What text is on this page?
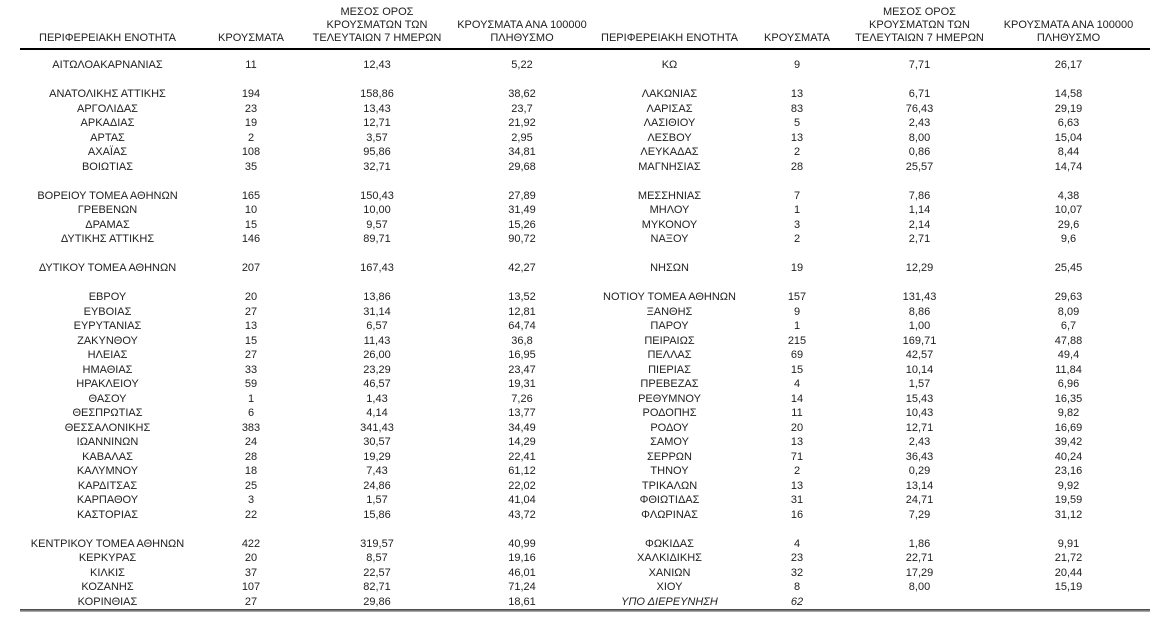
ΠΕΡΙΦΕΡΕΙΑΚΗ ΕΝΟΤΗΤΑ	ΚΡΟΥΣΜΑΤΑ	ΜΕΣΟΣ ΟΡΟΣ
ΚΡΟΥΣΜΑΤΩΝ ΤΩΝ
ΤΕΛΕΥΤΑΙΩΝ 7 ΗΜΕΡΩΝ	ΚΡΟΥΣΜΑΤΑ ΑΝΑ 100000
ΠΛΗΘΥΣΜΟ	ΠΕΡΙΦΕΡΕΙΑΚΗ ΕΝΟΤΗΤΑ	ΚΡΟΥΣΜΑΤΑ	ΜΕΣΟΣ ΟΡΟΣ
ΚΡΟΥΣΜΑΤΩΝ ΤΩΝ
ΤΕΛΕΥΤΑΙΩΝ 7 ΗΜΕΡΩΝ	ΚΡΟΥΣΜΑΤΑ ΑΝΑ 100000
ΠΛΗΘΥΣΜΟ

ΑΙΤΩΛΟΑΚΑΡΝΑΝΙΑΣ	11	12,43	5,22	ΚΩ	9	7,71	26,17

ΑΝΑΤΟΛΙΚΗΣ ΑΤΤΙΚΗΣ	194	158,86	38,62	ΛΑΚΩΝΙΑΣ	13	6,71	14,58
ΑΡΓΟΛΙΔΑΣ	23	13,43	23,7	ΛΑΡΙΣΑΣ	83	76,43	29,19
ΑΡΚΑΔΙΑΣ	19	12,71	21,92	ΛΑΣΙΘΙΟΥ	5	2,43	6,63
ΑΡΤΑΣ	2	3,57	2,95	ΛΕΣΒΟΥ	13	8,00	15,04
ΑΧΑΪΑΣ	108	95,86	34,81	ΛΕΥΚΑΔΑΣ	2	0,86	8,44
ΒΟΙΩΤΙΑΣ	35	32,71	29,68	ΜΑΓΝΗΣΙΑΣ	28	25,57	14,74

ΒΟΡΕΙΟΥ ΤΟΜΕΑ ΑΘΗΝΩΝ	165	150,43	27,89	ΜΕΣΣΗΝΙΑΣ	7	7,86	4,38
ΓΡΕΒΕΝΩΝ	10	10,00	31,49	ΜΗΛΟΥ	1	1,14	10,07
ΔΡΑΜΑΣ	15	9,57	15,26	ΜΥΚΟΝΟΥ	3	2,14	29,6
ΔΥΤΙΚΗΣ ΑΤΤΙΚΗΣ	146	89,71	90,72	ΝΑΞΟΥ	2	2,71	9,6

ΔΥΤΙΚΟΥ ΤΟΜΕΑ ΑΘΗΝΩΝ	207	167,43	42,27	ΝΗΣΩΝ	19	12,29	25,45

ΕΒΡΟΥ	20	13,86	13,52	ΝΟΤΙΟΥ ΤΟΜΕΑ ΑΘΗΝΩΝ	157	131,43	29,63
ΕΥΒΟΙΑΣ	27	31,14	12,81	ΞΑΝΘΗΣ	9	8,86	8,09
ΕΥΡΥΤΑΝΙΑΣ	13	6,57	64,74	ΠΑΡΟΥ	1	1,00	6,7
ΖΑΚΥΝΘΟΥ	15	11,43	36,8	ΠΕΙΡΑΙΩΣ	215	169,71	47,88
ΗΛΕΙΑΣ	27	26,00	16,95	ΠΕΛΛΑΣ	69	42,57	49,4
ΗΜΑΘΙΑΣ	33	23,29	23,47	ΠΙΕΡΙΑΣ	15	10,14	11,84
ΗΡΑΚΛΕΙΟΥ	59	46,57	19,31	ΠΡΕΒΕΖΑΣ	4	1,57	6,96
ΘΑΣΟΥ	1	1,43	7,26	ΡΕΘΥΜΝΟΥ	14	15,43	16,35
ΘΕΣΠΡΩΤΙΑΣ	6	4,14	13,77	ΡΟΔΟΠΗΣ	11	10,43	9,82
ΘΕΣΣΑΛΟΝΙΚΗΣ	383	341,43	34,49	ΡΟΔΟΥ	20	12,71	16,69
ΙΩΑΝΝΙΝΩΝ	24	30,57	14,29	ΣΑΜΟΥ	13	2,43	39,42
ΚΑΒΑΛΑΣ	28	19,29	22,41	ΣΕΡΡΩΝ	71	36,43	40,24
ΚΑΛΥΜΝΟΥ	18	7,43	61,12	ΤΗΝΟΥ	2	0,29	23,16
ΚΑΡΔΙΤΣΑΣ	25	24,86	22,02	ΤΡΙΚΑΛΩΝ	13	13,14	9,92
ΚΑΡΠΑΘΟΥ	3	1,57	41,04	ΦΘΙΩΤΙΔΑΣ	31	24,71	19,59
ΚΑΣΤΟΡΙΑΣ	22	15,86	43,72	ΦΛΩΡΙΝΑΣ	16	7,29	31,12

ΚΕΝΤΡΙΚΟΥ ΤΟΜΕΑ ΑΘΗΝΩΝ	422	319,57	40,99	ΦΩΚΙΔΑΣ	4	1,86	9,91
ΚΕΡΚΥΡΑΣ	20	8,57	19,16	ΧΑΛΚΙΔΙΚΗΣ	23	22,71	21,72
ΚΙΛΚΙΣ	37	22,57	46,01	ΧΑΝΙΩΝ	32	17,29	20,44
ΚΟΖΑΝΗΣ	107	82,71	71,24	ΧΙΟΥ	8	8,00	15,19
ΚΟΡΙΝΘΙΑΣ	27	29,86	18,61	ΥΠΟ ΔΙΕΡΕΥΝΗΣΗ	62		
